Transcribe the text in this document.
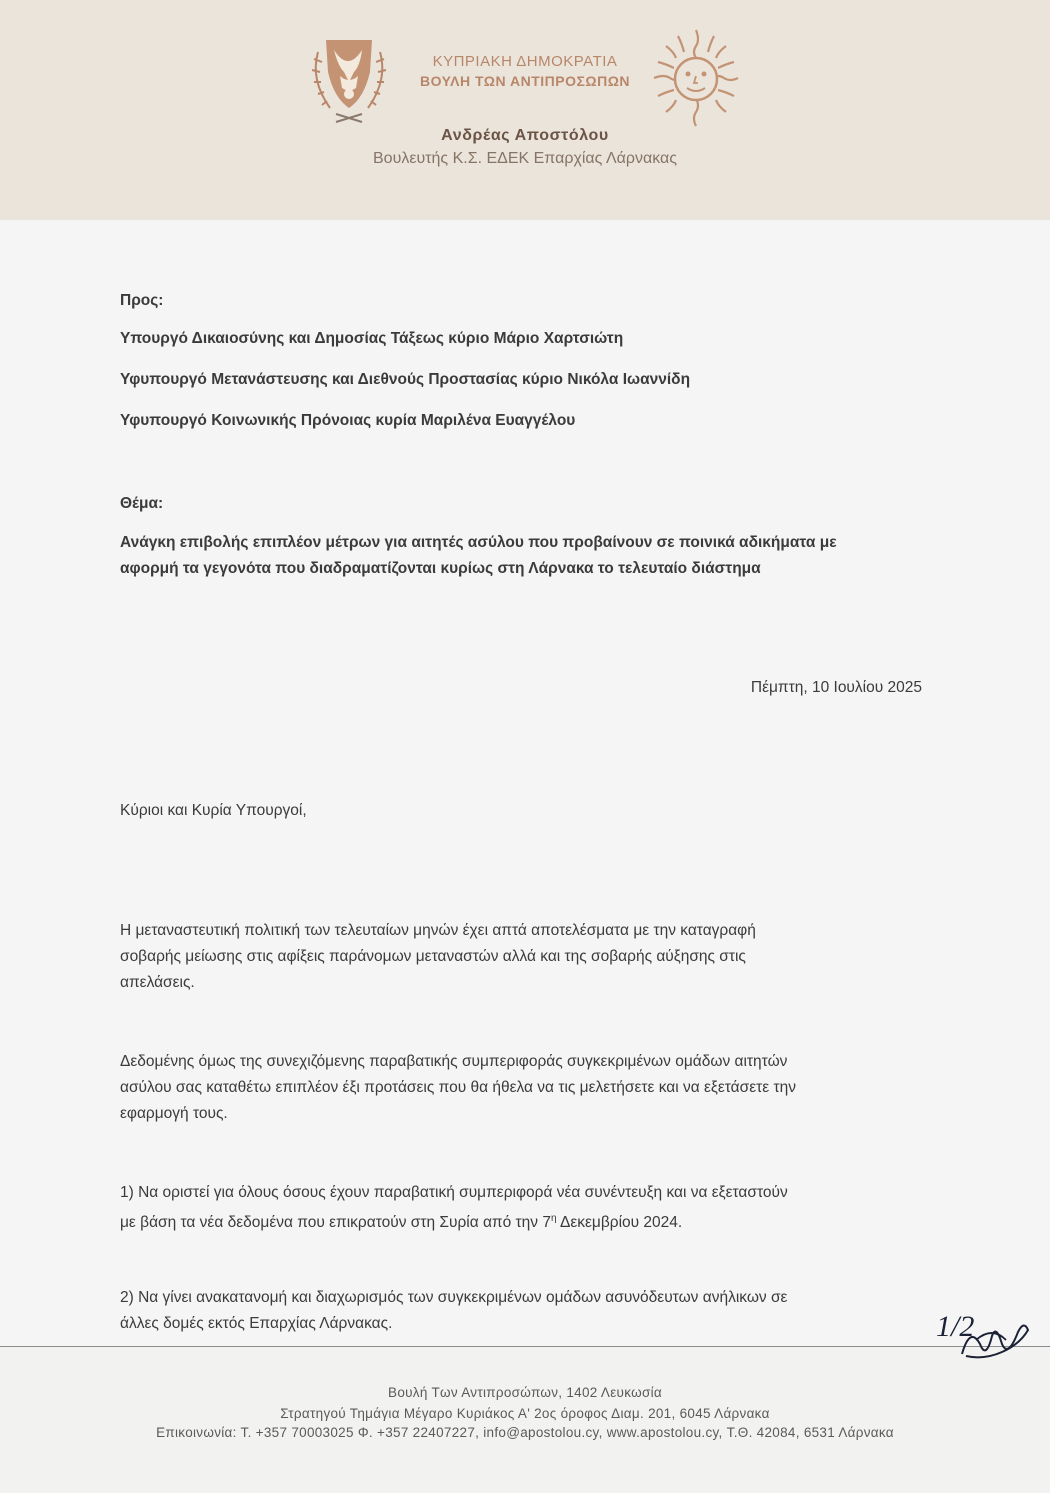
ΚΥΠΡΙΑΚΗ ΔΗΜΟΚΡΑΤΙΑ
ΒΟΥΛΗ ΤΩΝ ΑΝΤΙΠΡΟΣΩΠΩΝ
Ανδρέας Αποστόλου
Βουλευτής Κ.Σ. ΕΔΕΚ Επαρχίας Λάρνακας
Προς:
Υπουργό Δικαιοσύνης και Δημοσίας Τάξεως κύριο Μάριο Χαρτσιώτη
Υφυπουργό Μετανάστευσης και Διεθνούς Προστασίας κύριο Νικόλα Ιωαννίδη
Υφυπουργό Κοινωνικής Πρόνοιας κυρία Μαριλένα Ευαγγέλου
Θέμα:
Ανάγκη επιβολής επιπλέον μέτρων για αιτητές ασύλου που προβαίνουν σε ποινικά αδικήματα με
αφορμή τα γεγονότα που διαδραματίζονται κυρίως στη Λάρνακα το τελευταίο διάστημα
Πέμπτη, 10 Ιουλίου 2025
Κύριοι και Κυρία Υπουργοί,
Η μεταναστευτική πολιτική των τελευταίων μηνών έχει απτά αποτελέσματα με την καταγραφή
σοβαρής μείωσης στις αφίξεις παράνομων μεταναστών αλλά και της σοβαρής αύξησης στις
απελάσεις.
Δεδομένης όμως της συνεχιζόμενης παραβατικής συμπεριφοράς συγκεκριμένων ομάδων αιτητών
ασύλου σας καταθέτω επιπλέον έξι προτάσεις που θα ήθελα να τις μελετήσετε και να εξετάσετε την
εφαρμογή τους.
1) Να οριστεί για όλους όσους έχουν παραβατική συμπεριφορά νέα συνέντευξη και να εξεταστούν
με βάση τα νέα δεδομένα που επικρατούν στη Συρία από την $7^\eta$ Δεκεμβρίου 2024.
2) Να γίνει ανακατανομή και διαχωρισμός των συγκεκριμένων ομάδων ασυνόδευτων ανήλικων σε
άλλες δομές εκτός Επαρχίας Λάρνακας.
Βουλή Των Αντιπροσώπων, 1402 Λευκωσία
Στρατηγού Τημάγια Μέγαρο Κυριάκος Α' 2ος όροφος Διαμ. 201, 6045 Λάρνακα
Επικοινωνία: Τ. +357 70003025 Φ. +357 22407227, info@apostolou.cy, www.apostolou.cy, Τ.Θ. 42084, 6531 Λάρνακα
1/2
